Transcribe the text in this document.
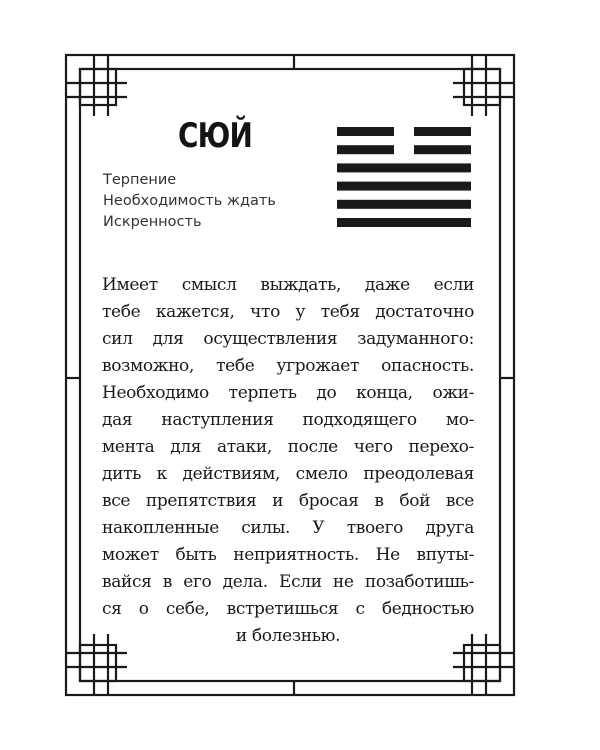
СЮЙ
Терпение
Необходимость ждать
Искренность
Имеет смысл выждать, даже если
тебе кажется, что у тебя достаточно
сил для осуществления задуманного:
возможно, тебе угрожает опасность.
Необходимо терпеть до конца, ожи-
дая наступления подходящего мо-
мента для атаки, после чего перехо-
дить к действиям, смело преодолевая
все препятствия и бросая в бой все
накопленные силы. У твоего друга
может быть неприятность. Не впуты-
вайся в его дела. Если не позаботишь-
ся о себе, встретишься с бедностью
и болезнью.
